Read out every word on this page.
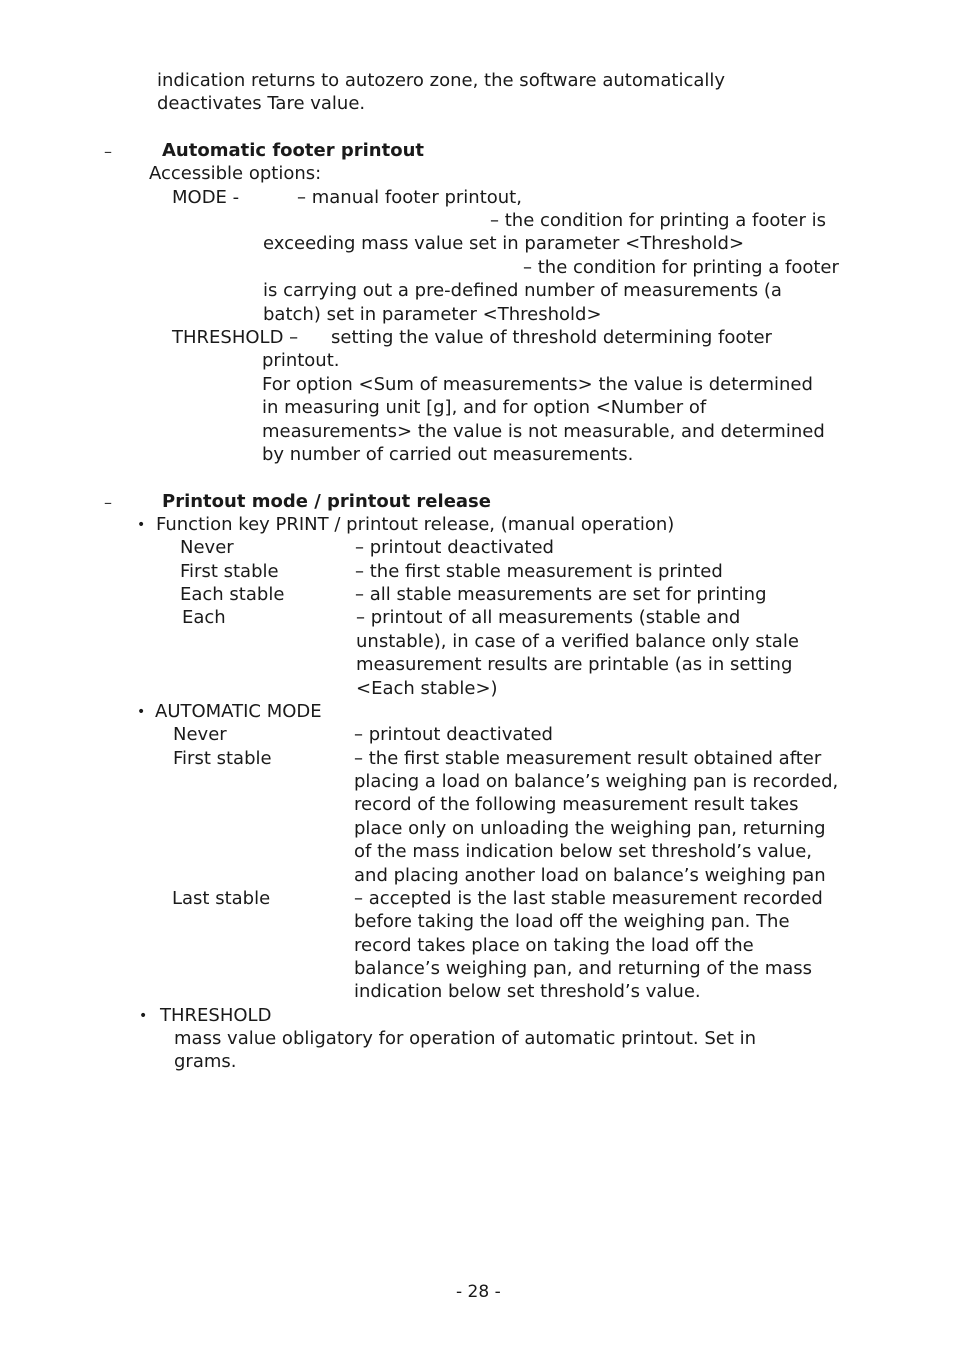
indication returns to autozero zone, the software automatically
deactivates Tare value.
–	Automatic footer printout
Accessible options:
MODE -	– manual footer printout,
– the condition for printing a footer is
exceeding mass value set in parameter <Threshold>
– the condition for printing a footer
is carrying out a pre-defined number of measurements (a
batch) set in parameter <Threshold>
THRESHOLD – setting the value of threshold determining footer
printout.
For option <Sum of measurements> the value is determined
in measuring unit [g], and for option <Number of
measurements> the value is not measurable, and determined
by number of carried out measurements.
–	Printout mode / printout release
• Function key PRINT / printout release, (manual operation)
Never	– printout deactivated
First stable	– the first stable measurement is printed
Each stable	– all stable measurements are set for printing
Each	– printout of all measurements (stable and
unstable), in case of a verified balance only stale
measurement results are printable (as in setting
<Each stable>)
• AUTOMATIC MODE
Never	– printout deactivated
First stable	– the first stable measurement result obtained after
placing a load on balance’s weighing pan is recorded,
record of the following measurement result takes
place only on unloading the weighing pan, returning
of the mass indication below set threshold’s value,
and placing another load on balance’s weighing pan
Last stable	– accepted is the last stable measurement recorded
before taking the load off the weighing pan. The
record takes place on taking the load off the
balance’s weighing pan, and returning of the mass
indication below set threshold’s value.
• THRESHOLD
mass value obligatory for operation of automatic printout. Set in
grams.
- 28 -
